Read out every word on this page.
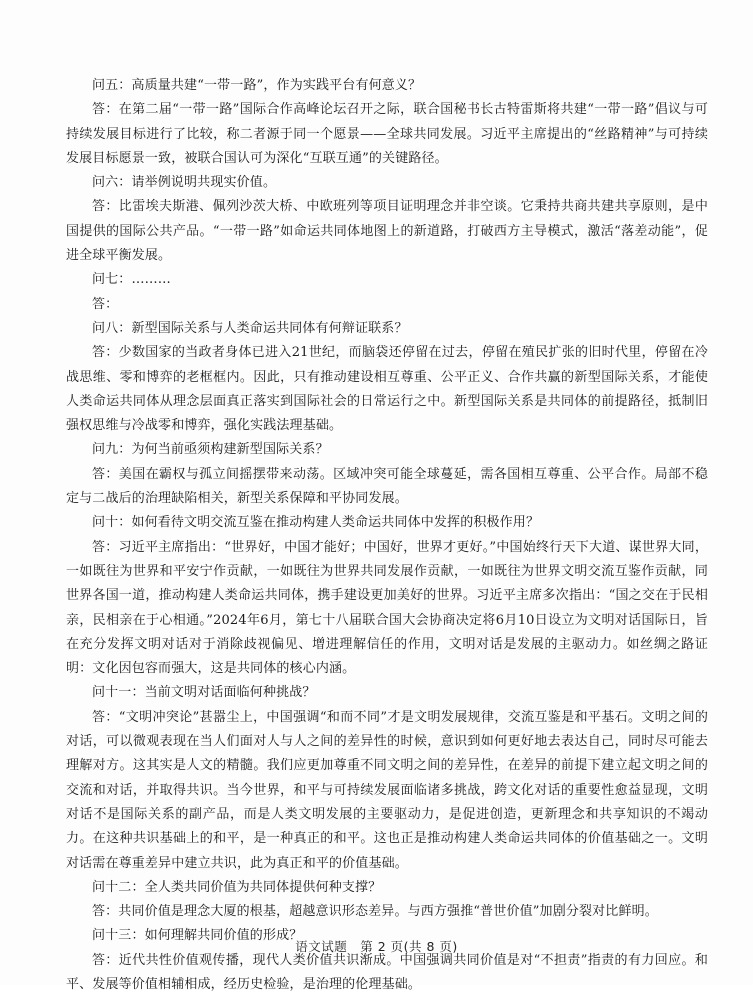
问五：高质量共建“一带一路”，作为实践平台有何意义？

答：在第二届“一带一路”国际合作高峰论坛召开之际，联合国秘书长古特雷斯将共建“一带一路”倡议与可持续发展目标进行了比较，称二者源于同一个愿景——全球共同发展。习近平主席提出的“丝路精神”与可持续发展目标愿景一致，被联合国认可为深化“互联互通”的关键路径。

问六：请举例说明共现实价值。

答：比雷埃夫斯港、佩列沙茨大桥、中欧班列等项目证明理念并非空谈。它秉持共商共建共享原则，是中国提供的国际公共产品。“一带一路”如命运共同体地图上的新道路，打破西方主导模式，激活“落差动能”，促进全球平衡发展。

问七：………

答：

问八：新型国际关系与人类命运共同体有何辩证联系？

答：少数国家的当政者身体已进入21世纪，而脑袋还停留在过去，停留在殖民扩张的旧时代里，停留在冷战思维、零和博弈的老框框内。因此，只有推动建设相互尊重、公平正义、合作共赢的新型国际关系，才能使人类命运共同体从理念层面真正落实到国际社会的日常运行之中。新型国际关系是共同体的前提路径，抵制旧强权思维与冷战零和博弈，强化实践法理基础。

问九：为何当前亟须构建新型国际关系？

答：美国在霸权与孤立间摇摆带来动荡。区域冲突可能全球蔓延，需各国相互尊重、公平合作。局部不稳定与二战后的治理缺陷相关，新型关系保障和平协同发展。

问十：如何看待文明交流互鉴在推动构建人类命运共同体中发挥的积极作用？

答：习近平主席指出：“世界好，中国才能好；中国好，世界才更好。”中国始终行天下大道、谋世界大同，一如既往为世界和平安宁作贡献，一如既往为世界共同发展作贡献，一如既往为世界文明交流互鉴作贡献，同世界各国一道，推动构建人类命运共同体，携手建设更加美好的世界。习近平主席多次指出：“国之交在于民相亲，民相亲在于心相通。”2024年6月，第七十八届联合国大会协商决定将6月10日设立为文明对话国际日，旨在充分发挥文明对话对于消除歧视偏见、增进理解信任的作用，文明对话是发展的主驱动力。如丝绸之路证明：文化因包容而强大，这是共同体的核心内涵。

问十一：当前文明对话面临何种挑战？

答：“文明冲突论”甚嚣尘上，中国强调“和而不同”才是文明发展规律，交流互鉴是和平基石。文明之间的对话，可以微观表现在当人们面对人与人之间的差异性的时候，意识到如何更好地去表达自己，同时尽可能去理解对方。这其实是人文的精髓。我们应更加尊重不同文明之间的差异性，在差异的前提下建立起文明之间的交流和对话，并取得共识。当今世界，和平与可持续发展面临诸多挑战，跨文化对话的重要性愈益显现，文明对话不是国际关系的副产品，而是人类文明发展的主要驱动力，是促进创造，更新理念和共享知识的不竭动力。在这种共识基础上的和平，是一种真正的和平。这也正是推动构建人类命运共同体的价值基础之一。文明对话需在尊重差异中建立共识，此为真正和平的价值基础。

问十二：全人类共同价值为共同体提供何种支撑？

答：共同价值是理念大厦的根基，超越意识形态差异。与西方强推“普世价值”加剧分裂对比鲜明。

问十三：如何理解共同价值的形成？

答：近代共性价值观传播，现代人类价值共识渐成。中国强调共同价值是对“不担责”指责的有力回应。和平、发展等价值相辅相成，经历史检验，是治理的伦理基础。

语文试题　第 2 页(共 8 页)
